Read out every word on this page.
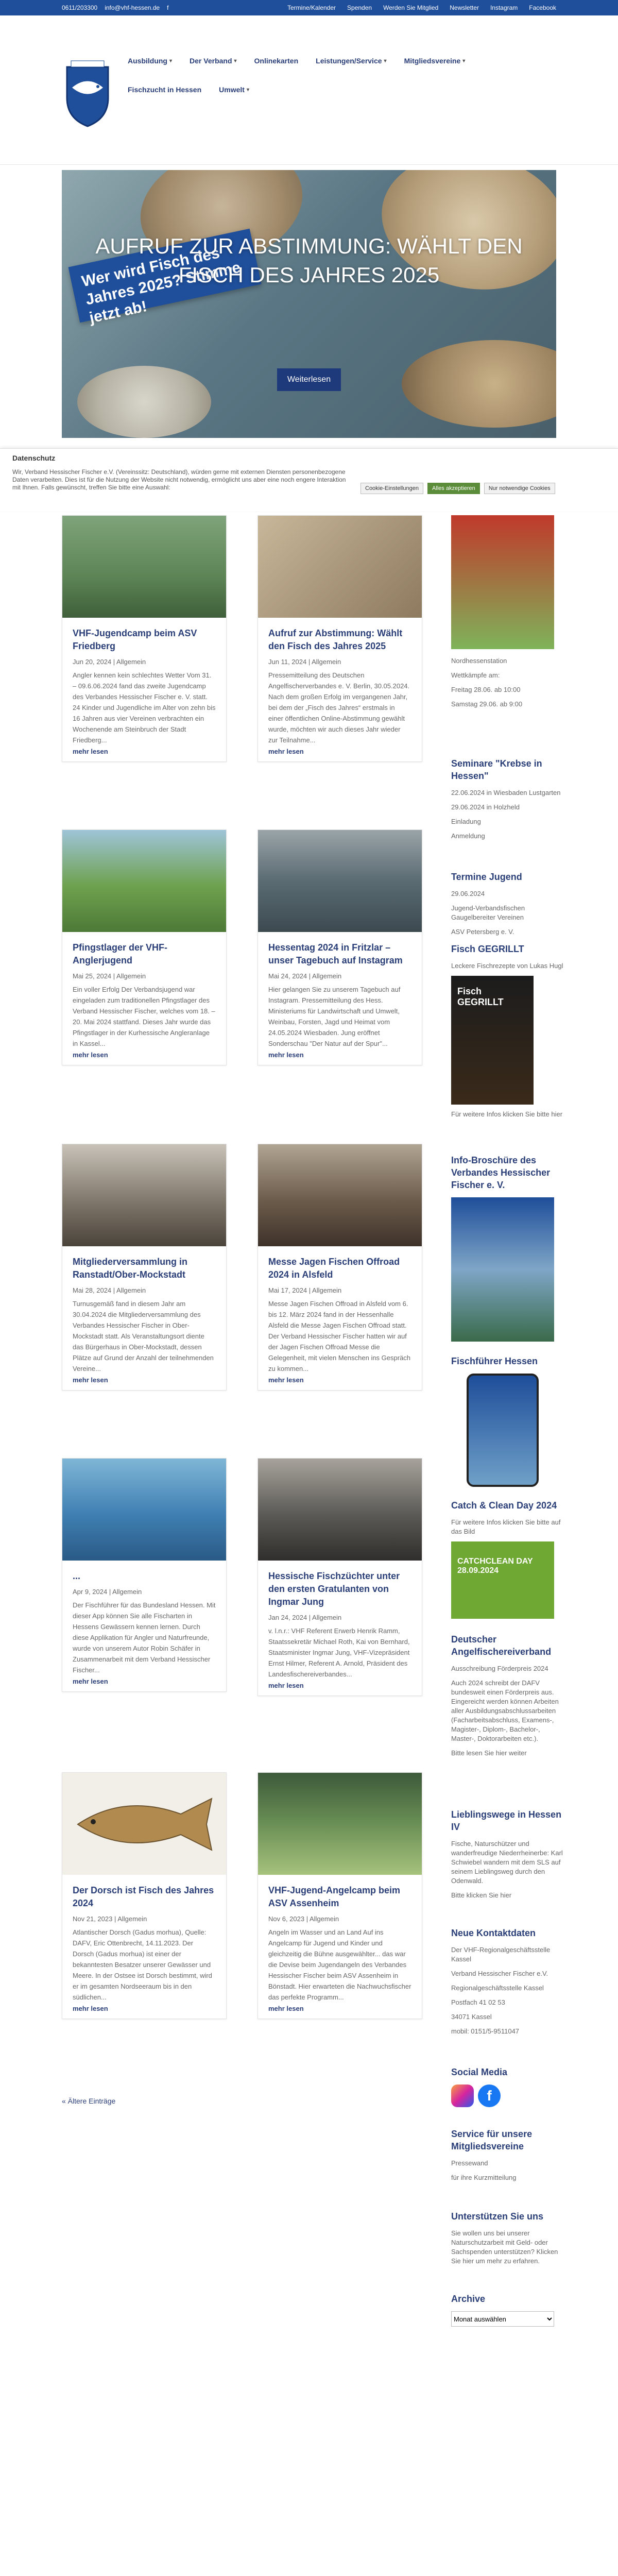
0611/203300 info@vhf-hessen.de f	Termine/Kalender Spenden Werden Sie Mitglied Newsletter Instagram Facebook
Ausbildung ▾ Der Verband ▾ Onlinekarten Leistungen/Service ▾ Mitgliedsvereine ▾
Fischzucht in Hessen Umwelt ▾
Wer wird Fisch des Jahres 2025? Stimme jetzt ab!
AUFRUF ZUR ABSTIMMUNG: WÄHLT DEN FISCH DES JAHRES 2025
Weiterlesen
Datenschutz
Wir, Verband Hessischer Fischer e.V. (Vereinssitz: Deutschland), würden gerne mit externen Diensten personenbezogene Daten verarbeiten. Dies ist für die Nutzung der Website nicht notwendig, ermöglicht uns aber eine noch engere Interaktion mit Ihnen. Falls gewünscht, treffen Sie bitte eine Auswahl:	Cookie-Einstellungen	Alles akzeptieren	Nur notwendige Cookies
VHF-Jugendcamp beim ASV Friedberg
Jun 20, 2024 | Allgemein

Angler kennen kein schlechtes Wetter Vom 31. – 09.6.06.2024 fand das zweite Jugendcamp des Verbandes Hessischer Fischer e. V. statt. 24 Kinder und Jugendliche im Alter von zehn bis 16 Jahren aus vier Vereinen verbrachten ein Wochenende am Steinbruch der Stadt Friedberg...

mehr lesen
Aufruf zur Abstimmung: Wählt den Fisch des Jahres 2025
Jun 11, 2024 | Allgemein

Pressemitteilung des Deutschen Angelfischerverbandes e. V. Berlin, 30.05.2024. Nach dem großen Erfolg im vergangenen Jahr, bei dem der „Fisch des Jahres“ erstmals in einer öffentlichen Online-Abstimmung gewählt wurde, möchten wir auch dieses Jahr wieder zur Teilnahme...

mehr lesen
Pfingstlager der VHF-Anglerjugend
Mai 25, 2024 | Allgemein

Ein voller Erfolg Der Verbandsjugend war eingeladen zum traditionellen Pfingstlager des Verband Hessischer Fischer, welches vom 18. – 20. Mai 2024 stattfand. Dieses Jahr wurde das Pfingstlager in der Kurhessische Angleranlage in Kassel...

mehr lesen
Hessentag 2024 in Fritzlar – unser Tagebuch auf Instagram
Mai 24, 2024 | Allgemein

Hier gelangen Sie zu unserem Tagebuch auf Instagram. Pressemitteilung des Hess. Ministeriums für Landwirtschaft und Umwelt, Weinbau, Forsten, Jagd und Heimat vom 24.05.2024 Wiesbaden. Jung eröffnet Sonderschau "Der Natur auf der Spur"...

mehr lesen
Mitgliederversammlung in Ranstadt/Ober-Mockstadt
Mai 28, 2024 | Allgemein

Turnusgemäß fand in diesem Jahr am 30.04.2024 die Mitgliederversammlung des Verbandes Hessischer Fischer in Ober-Mockstadt statt. Als Veranstaltungsort diente das Bürgerhaus in Ober-Mockstadt, dessen Plätze auf Grund der Anzahl der teilnehmenden Vereine...

mehr lesen
Messe Jagen Fischen Offroad 2024 in Alsfeld
Mai 17, 2024 | Allgemein

Messe Jagen Fischen Offroad in Alsfeld vom 6. bis 12. März 2024 fand in der Hessenhalle Alsfeld die Messe Jagen Fischen Offroad statt. Der Verband Hessischer Fischer hatten wir auf der Jagen Fischen Offroad Messe die Gelegenheit, mit vielen Menschen ins Gespräch zu kommen...

mehr lesen
...
Apr 9, 2024 | Allgemein

Der Fischführer für das Bundesland Hessen. Mit dieser App können Sie alle Fischarten in Hessens Gewässern kennen lernen. Durch diese Applikation für Angler und Naturfreunde, wurde von unserem Autor Robin Schäfer in Zusammenarbeit mit dem Verband Hessischer Fischer...

mehr lesen
Hessische Fischzüchter unter den ersten Gratulanten von Ingmar Jung
Jan 24, 2024 | Allgemein

v. l.n.r.: VHF Referent Erwerb Henrik Ramm, Staatssekretär Michael Roth, Kai von Bernhard, Staatsminister Ingmar Jung, VHF-Vizepräsident Ernst Hilmer, Referent A. Arnold, Präsident des Landesfischereiverbandes...

mehr lesen
Der Dorsch ist Fisch des Jahres 2024
Nov 21, 2023 | Allgemein

Atlantischer Dorsch (Gadus morhua), Quelle: DAFV, Eric Ottenbrecht, 14.11.2023. Der Dorsch (Gadus morhua) ist einer der bekanntesten Besatzer unserer Gewässer und Meere. In der Ostsee ist Dorsch bestimmt, wird er im gesamten Nordseeraum bis in den südlichen...

mehr lesen
VHF-Jugend-Angelcamp beim ASV Assenheim
Nov 6, 2023 | Allgemein

Angeln im Wasser und an Land Auf ins Angelcamp für Jugend und Kinder und gleichzeitig die Bühne ausgewählter... das war die Devise beim Jugendangeln des Verbandes Hessischer Fischer beim ASV Assenheim in Bönstadt. Hier erwarteten die Nachwuchsfischer das perfekte Programm...

mehr lesen
« Ältere Einträge
Nordhessenstation
Wettkämpfe am:
Freitag 28.06. ab 10:00
Samstag 29.06. ab 9:00
Seminare "Krebse in Hessen"
22.06.2024 in Wiesbaden Lustgarten
29.06.2024 in Holzheld
Einladung
Anmeldung
Termine Jugend
29.06.2024
Jugend-Verbandsfischen Gaugelbereiter Vereinen
ASV Petersberg e. V.
Fisch GEGRILLT
Leckere Fischrezepte von Lukas Hugl
Fisch GEGRILLT
Für weitere Infos klicken Sie bitte hier
Info-Broschüre des Verbandes Hessischer Fischer e. V.
Fischführer Hessen
Catch & Clean Day 2024
Für weitere Infos klicken Sie bitte auf das Bild
CATCHCLEAN DAY 28.09.2024
Deutscher Angelfischereiverband
Ausschreibung Förderpreis 2024
Auch 2024 schreibt der DAFV bundesweit einen Förderpreis aus. Eingereicht werden können Arbeiten aller Ausbildungsabschlussarbeiten (Facharbeitsabschluss, Examens-, Magister-, Diplom-, Bachelor-, Master-, Doktorarbeiten etc.).
Bitte lesen Sie hier weiter
Lieblingswege in Hessen IV
Fische, Naturschützer und wanderfreudige Niederrheinerbe: Karl Schwiebel wandern mit dem SLS auf seinem Lieblingsweg durch den Odenwald.
Bitte klicken Sie hier
Neue Kontaktdaten
Der VHF-Regionalgeschäftsstelle Kassel
Verband Hessischer Fischer e.V.
Regionalgeschäftsstelle Kassel
Postfach 41 02 53
34071 Kassel
mobil: 0151/5-9511047
Social Media
f
Service für unsere Mitgliedsvereine
Pressewand
für ihre Kurzmitteilung
Unterstützen Sie uns
Sie wollen uns bei unserer Naturschutzarbeit mit Geld- oder Sachspenden unterstützen? Klicken Sie hier um mehr zu erfahren.
Archive
Monat auswählen
